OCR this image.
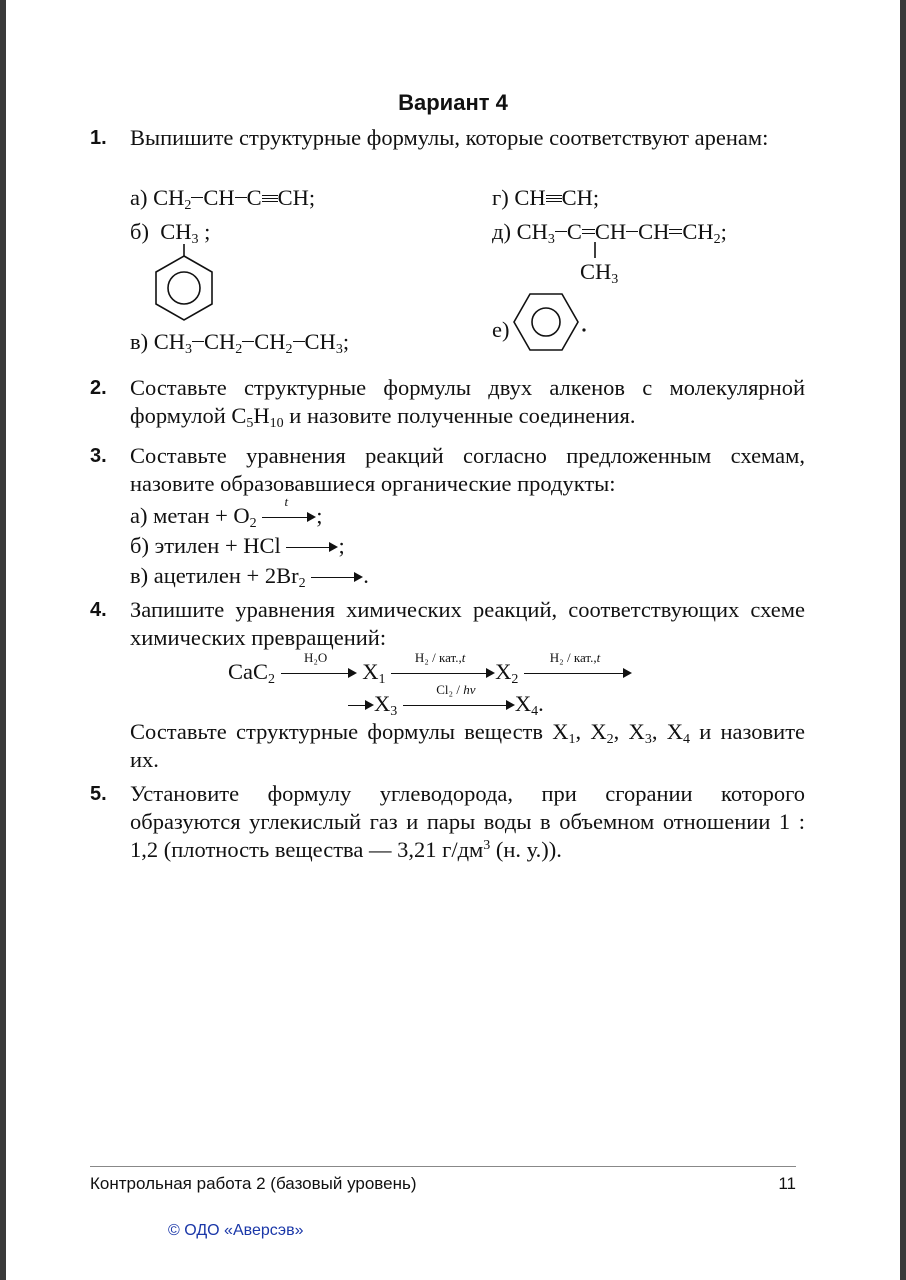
Вариант 4
1. Выпишите структурные формулы, которые соответствуют аренам:
а) $CH_2$ CH C CH;	г) CH CH;
б)  $CH_3$ ;	д) $CH_3$ C CH CH $CH_2$;
$CH_3$
в) $CH_3$ $CH_2$ $CH_2$ $CH_3$;	е)
2. Составьте структурные формулы двух алкенов с молекулярной формулой $C_5H_{10}$ и назовите полученные соединения.
3. Составьте уравнения реакций согласно предложенным схемам, назовите образовавшиеся органические продукты:
а) метан + $O_2$
t
;
б) этилен + HCl	;
в) ацетилен + $2Br_2$	.
4. Запишите уравнения химических реакций, соответствующих схеме химических превращений:
CaC$_2$
H₂O
$X_1$
H₂ / кат.,t
$X_2$
H₂ / кат.,t
$X_3$
Cl₂ / hν
$X_4$.
Составьте структурные формулы веществ $X_1$, $X_2$, $X_3$, $X_4$ и назовите их.
5. Установите формулу углеводорода, при сгорании которого образуются углекислый газ и пары воды в объемном отношении 1 : 1,2 (плотность вещества — 3,21 $г/дм^3$ (н. у.)).
Контрольная работа 2 (базовый уровень)	11
© ОДО «Аверсэв»
